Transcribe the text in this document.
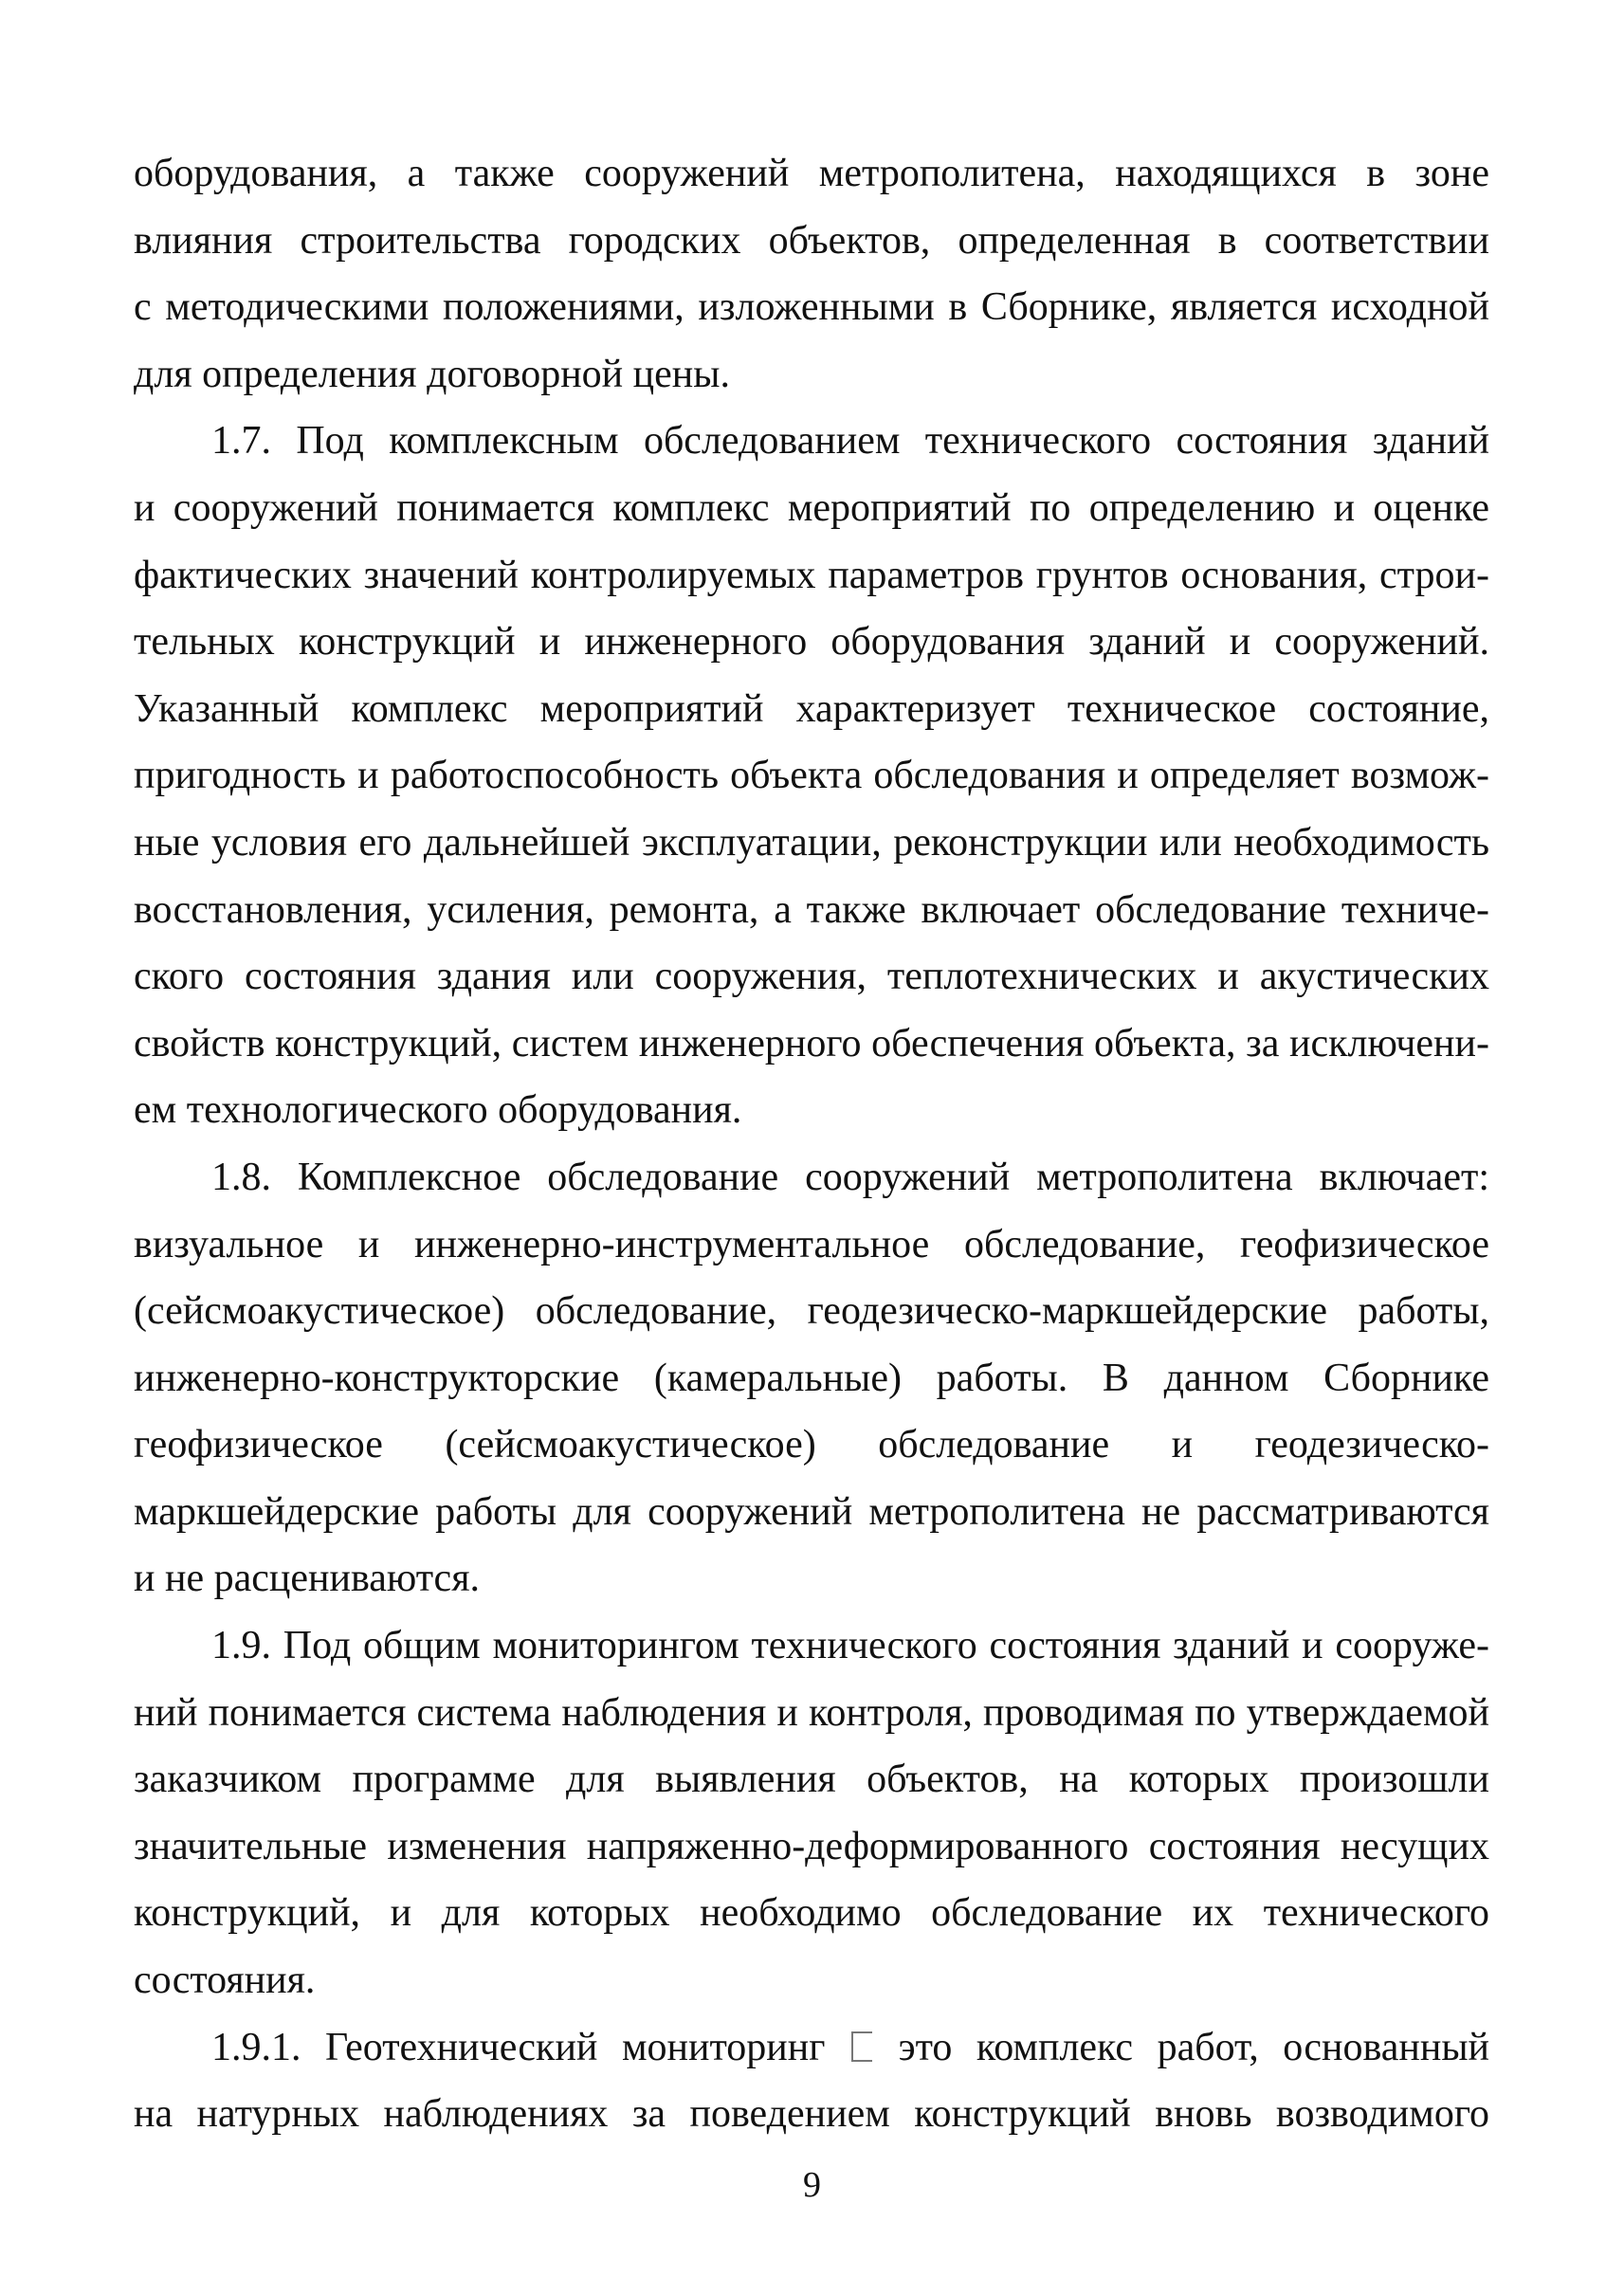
оборудования, а также сооружений метрополитена, находящихся в зоне
влияния строительства городских объектов, определенная в соответствии
с методическими положениями, изложенными в Сборнике, является исходной
для определения договорной цены.
1.7. Под комплексным обследованием технического состояния зданий
и сооружений понимается комплекс мероприятий по определению и оценке
фактических значений контролируемых параметров грунтов основания, строи-
тельных конструкций и инженерного оборудования зданий и сооружений.
Указанный комплекс мероприятий характеризует техническое состояние,
пригодность и работоспособность объекта обследования и определяет возмож-
ные условия его дальнейшей эксплуатации, реконструкции или необходимость
восстановления, усиления, ремонта, а также включает обследование техниче-
ского состояния здания или сооружения, теплотехнических и акустических
свойств конструкций, систем инженерного обеспечения объекта, за исключени-
ем технологического оборудования.
1.8. Комплексное обследование сооружений метрополитена включает:
визуальное и инженерно-инструментальное обследование, геофизическое
(сейсмоакустическое) обследование, геодезическо-маркшейдерские работы,
инженерно-конструкторские (камеральные) работы. В данном Сборнике
геофизическое (сейсмоакустическое) обследование и геодезическо-
маркшейдерские работы для сооружений метрополитена не рассматриваются
и не расцениваются.
1.9. Под общим мониторингом технического состояния зданий и сооруже-
ний понимается система наблюдения и контроля, проводимая по утверждаемой
заказчиком программе для выявления объектов, на которых произошли
значительные изменения напряженно-деформированного состояния несущих
конструкций, и для которых необходимо обследование их технического
состояния.
1.9.1. Геотехнический мониторинг это комплекс работ, основанный
на натурных наблюдениях за поведением конструкций вновь возводимого
9
